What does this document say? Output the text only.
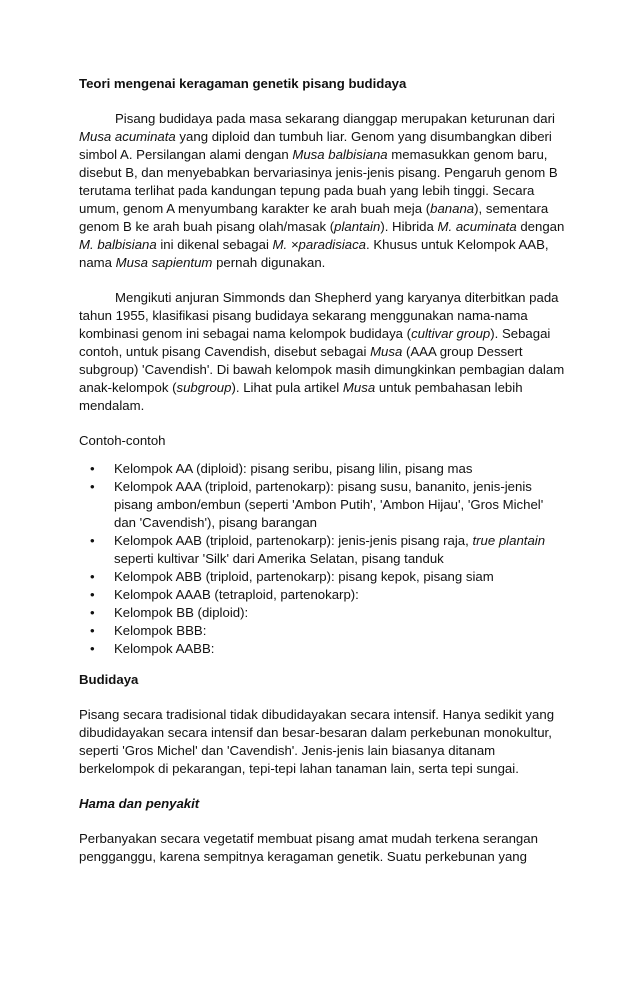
Teori mengenai keragaman genetik pisang budidaya

Pisang budidaya pada masa sekarang dianggap merupakan keturunan dari Musa acuminata yang diploid dan tumbuh liar. Genom yang disumbangkan diberi simbol A. Persilangan alami dengan Musa balbisiana memasukkan genom baru, disebut B, dan menyebabkan bervariasinya jenis-jenis pisang. Pengaruh genom B terutama terlihat pada kandungan tepung pada buah yang lebih tinggi. Secara umum, genom A menyumbang karakter ke arah buah meja (banana), sementara genom B ke arah buah pisang olah/masak (plantain). Hibrida M. acuminata dengan M. balbisiana ini dikenal sebagai M. ×paradisiaca. Khusus untuk Kelompok AAB, nama Musa sapientum pernah digunakan.

Mengikuti anjuran Simmonds dan Shepherd yang karyanya diterbitkan pada tahun 1955, klasifikasi pisang budidaya sekarang menggunakan nama-nama kombinasi genom ini sebagai nama kelompok budidaya (cultivar group). Sebagai contoh, untuk pisang Cavendish, disebut sebagai Musa (AAA group Dessert subgroup) 'Cavendish'. Di bawah kelompok masih dimungkinkan pembagian dalam anak-kelompok (subgroup). Lihat pula artikel Musa untuk pembahasan lebih mendalam.

Contoh-contoh

•	Kelompok AA (diploid): pisang seribu, pisang lilin, pisang mas
•	Kelompok AAA (triploid, partenokarp): pisang susu, bananito, jenis-jenis pisang ambon/embun (seperti 'Ambon Putih', 'Ambon Hijau', 'Gros Michel' dan 'Cavendish'), pisang barangan
•	Kelompok AAB (triploid, partenokarp): jenis-jenis pisang raja, true plantain seperti kultivar 'Silk' dari Amerika Selatan, pisang tanduk
•	Kelompok ABB (triploid, partenokarp): pisang kepok, pisang siam
•	Kelompok AAAB (tetraploid, partenokarp):
•	Kelompok BB (diploid):
•	Kelompok BBB:
•	Kelompok AABB:

Budidaya

Pisang secara tradisional tidak dibudidayakan secara intensif. Hanya sedikit yang dibudidayakan secara intensif dan besar-besaran dalam perkebunan monokultur, seperti 'Gros Michel' dan 'Cavendish'. Jenis-jenis lain biasanya ditanam berkelompok di pekarangan, tepi-tepi lahan tanaman lain, serta tepi sungai.

Hama dan penyakit

Perbanyakan secara vegetatif membuat pisang amat mudah terkena serangan pengganggu, karena sempitnya keragaman genetik. Suatu perkebunan yang
